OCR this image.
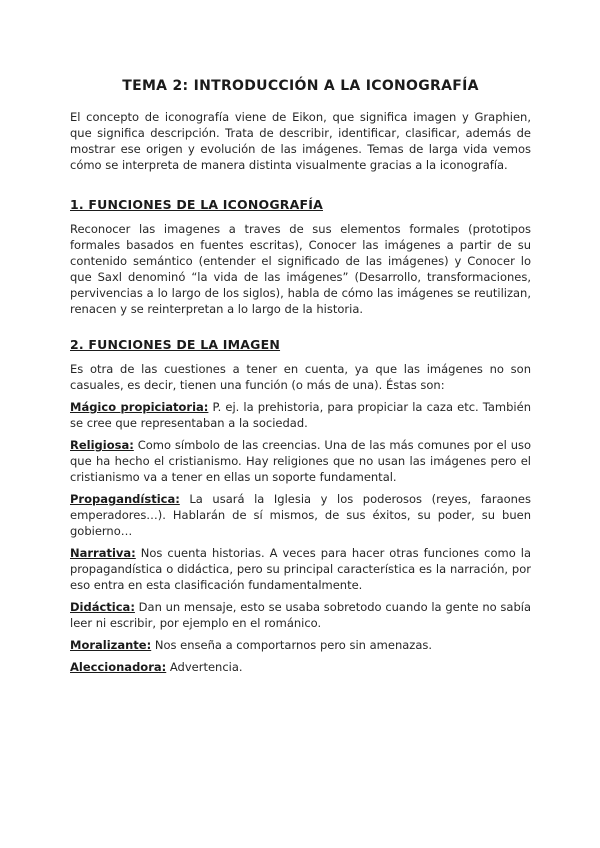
TEMA 2: INTRODUCCIÓN A LA ICONOGRAFÍA

El concepto de iconografía viene de Eikon, que significa imagen y Graphien, que significa descripción. Trata de describir, identificar, clasificar, además de mostrar ese origen y evolución de las imágenes. Temas de larga vida vemos cómo se interpreta de manera distinta visualmente gracias a la iconografía.

1. FUNCIONES DE LA ICONOGRAFÍA

Reconocer las imagenes a traves de sus elementos formales (prototipos formales basados en fuentes escritas), Conocer las imágenes a partir de su contenido semántico (entender el significado de las imágenes) y Conocer lo que Saxl denominó “la vida de las imágenes” (Desarrollo, transformaciones, pervivencias a lo largo de los siglos), habla de cómo las imágenes se reutilizan, renacen y se reinterpretan a lo largo de la historia.

2. FUNCIONES DE LA IMAGEN

Es otra de las cuestiones a tener en cuenta, ya que las imágenes no son casuales, es decir, tienen una función (o más de una). Éstas son:

Mágico propiciatoria: P. ej. la prehistoria, para propiciar la caza etc. También se cree que representaban a la sociedad.

Religiosa: Como símbolo de las creencias. Una de las más comunes por el uso que ha hecho el cristianismo. Hay religiones que no usan las imágenes pero el cristianismo va a tener en ellas un soporte fundamental.

Propagandística: La usará la Iglesia y los poderosos (reyes, faraones emperadores…). Hablarán de sí mismos, de sus éxitos, su poder, su buen gobierno…

Narrativa: Nos cuenta historias. A veces para hacer otras funciones como la propagandística o didáctica, pero su principal característica es la narración, por eso entra en esta clasificación fundamentalmente.

Didáctica: Dan un mensaje, esto se usaba sobretodo cuando la gente no sabía leer ni escribir, por ejemplo en el románico.

Moralizante: Nos enseña a comportarnos pero sin amenazas.

Aleccionadora: Advertencia.
